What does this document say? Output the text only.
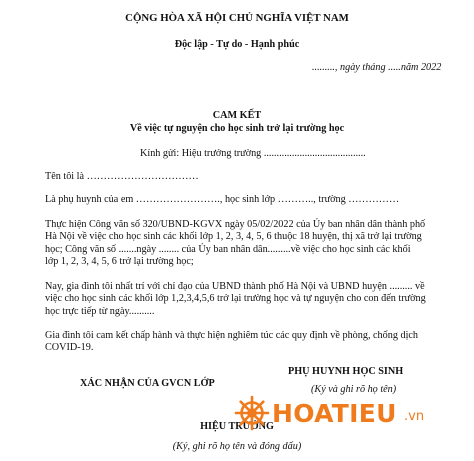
CỘNG HÒA XÃ HỘI CHỦ NGHĨA VIỆT NAM
Độc lập - Tự do - Hạnh phúc
........., ngày tháng .....năm 2022
CAM KẾT
Về việc tự nguyện cho học sinh trở lại trường học
Kính gửi: Hiệu trưởng trường ........................................
Tên tôi là ……………………………
Là phụ huynh của em ……………………., học sinh lớp ……….., trường ……………
Thực hiện Công văn số 320/UBND-KGVX ngày 05/02/2022 của Ủy ban nhân dân thành phố
Hà Nội về việc cho học sinh các khối lớp 1, 2, 3, 4, 5, 6 thuộc 18 huyện, thị xã trở lại trường
học; Công văn số .......ngày ........ của Ủy ban nhân dân.........về việc cho học sinh các khối
lớp 1, 2, 3, 4, 5, 6 trở lại trường học;
Nay, gia đình tôi nhất trí với chỉ đạo của UBND thành phố Hà Nội và UBND huyện ......... về
việc cho học sinh các khối lớp 1,2,3,4,5,6 trở lại trường học và tự nguyện cho con đến trường
học trực tiếp từ ngày..........
Gia đình tôi cam kết chấp hành và thực hiện nghiêm túc các quy định về phòng, chống dịch
COVID-19.
PHỤ HUYNH HỌC SINH
XÁC NHẬN CỦA GVCN LỚP
(Ký và ghi rõ họ tên)
HIỆU TRƯỞNG
(Ký, ghi rõ họ tên và đóng dấu)
HOATIEU .vn
